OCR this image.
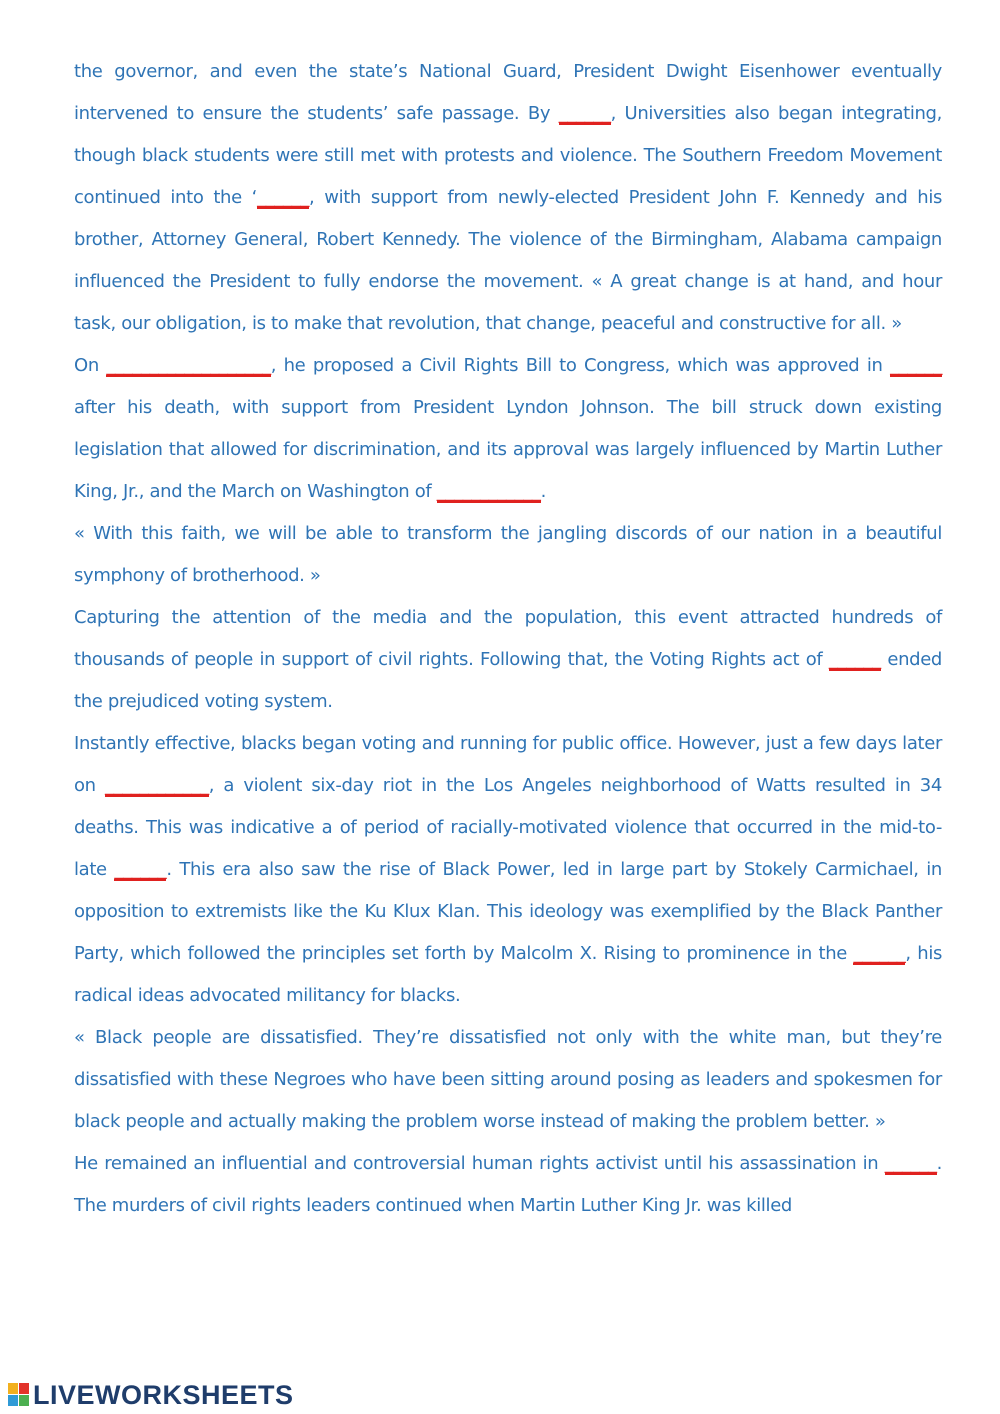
the governor, and even the state’s National Guard, President Dwight Eisenhower eventually intervened to ensure the students’ safe passage. By ______, Universities also began integrating, though black students were still met with protests and violence. The Southern Freedom Movement continued into the ‘______, with support from newly-elected President John F. Kennedy and his brother, Attorney General, Robert Kennedy. The violence of the Birmingham, Alabama campaign influenced the President to fully endorse the movement. « A great change is at hand, and hour task, our obligation, is to make that revolution, that change, peaceful and constructive for all. »

On ___________________, he proposed a Civil Rights Bill to Congress, which was approved in ______ after his death, with support from President Lyndon Johnson. The bill struck down existing legislation that allowed for discrimination, and its approval was largely influenced by Martin Luther King, Jr., and the March on Washington of ____________.

« With this faith, we will be able to transform the jangling discords of our nation in a beautiful symphony of brotherhood. »

Capturing the attention of the media and the population, this event attracted hundreds of thousands of people in support of civil rights. Following that, the Voting Rights act of ______ ended the prejudiced voting system.

Instantly effective, blacks began voting and running for public office. However, just a few days later on ____________, a violent six-day riot in the Los Angeles neighborhood of Watts resulted in 34 deaths. This was indicative a of period of racially-motivated violence that occurred in the mid-to-late ______. This era also saw the rise of Black Power, led in large part by Stokely Carmichael, in opposition to extremists like the Ku Klux Klan. This ideology was exemplified by the Black Panther Party, which followed the principles set forth by Malcolm X. Rising to prominence in the ______, his radical ideas advocated militancy for blacks.

« Black people are dissatisfied. They’re dissatisfied not only with the white man, but they’re dissatisfied with these Negroes who have been sitting around posing as leaders and spokesmen for black people and actually making the problem worse instead of making the problem better. »

He remained an influential and controversial human rights activist until his assassination in ______. The murders of civil rights leaders continued when Martin Luther King Jr. was killed

LIVEWORKSHEETS
